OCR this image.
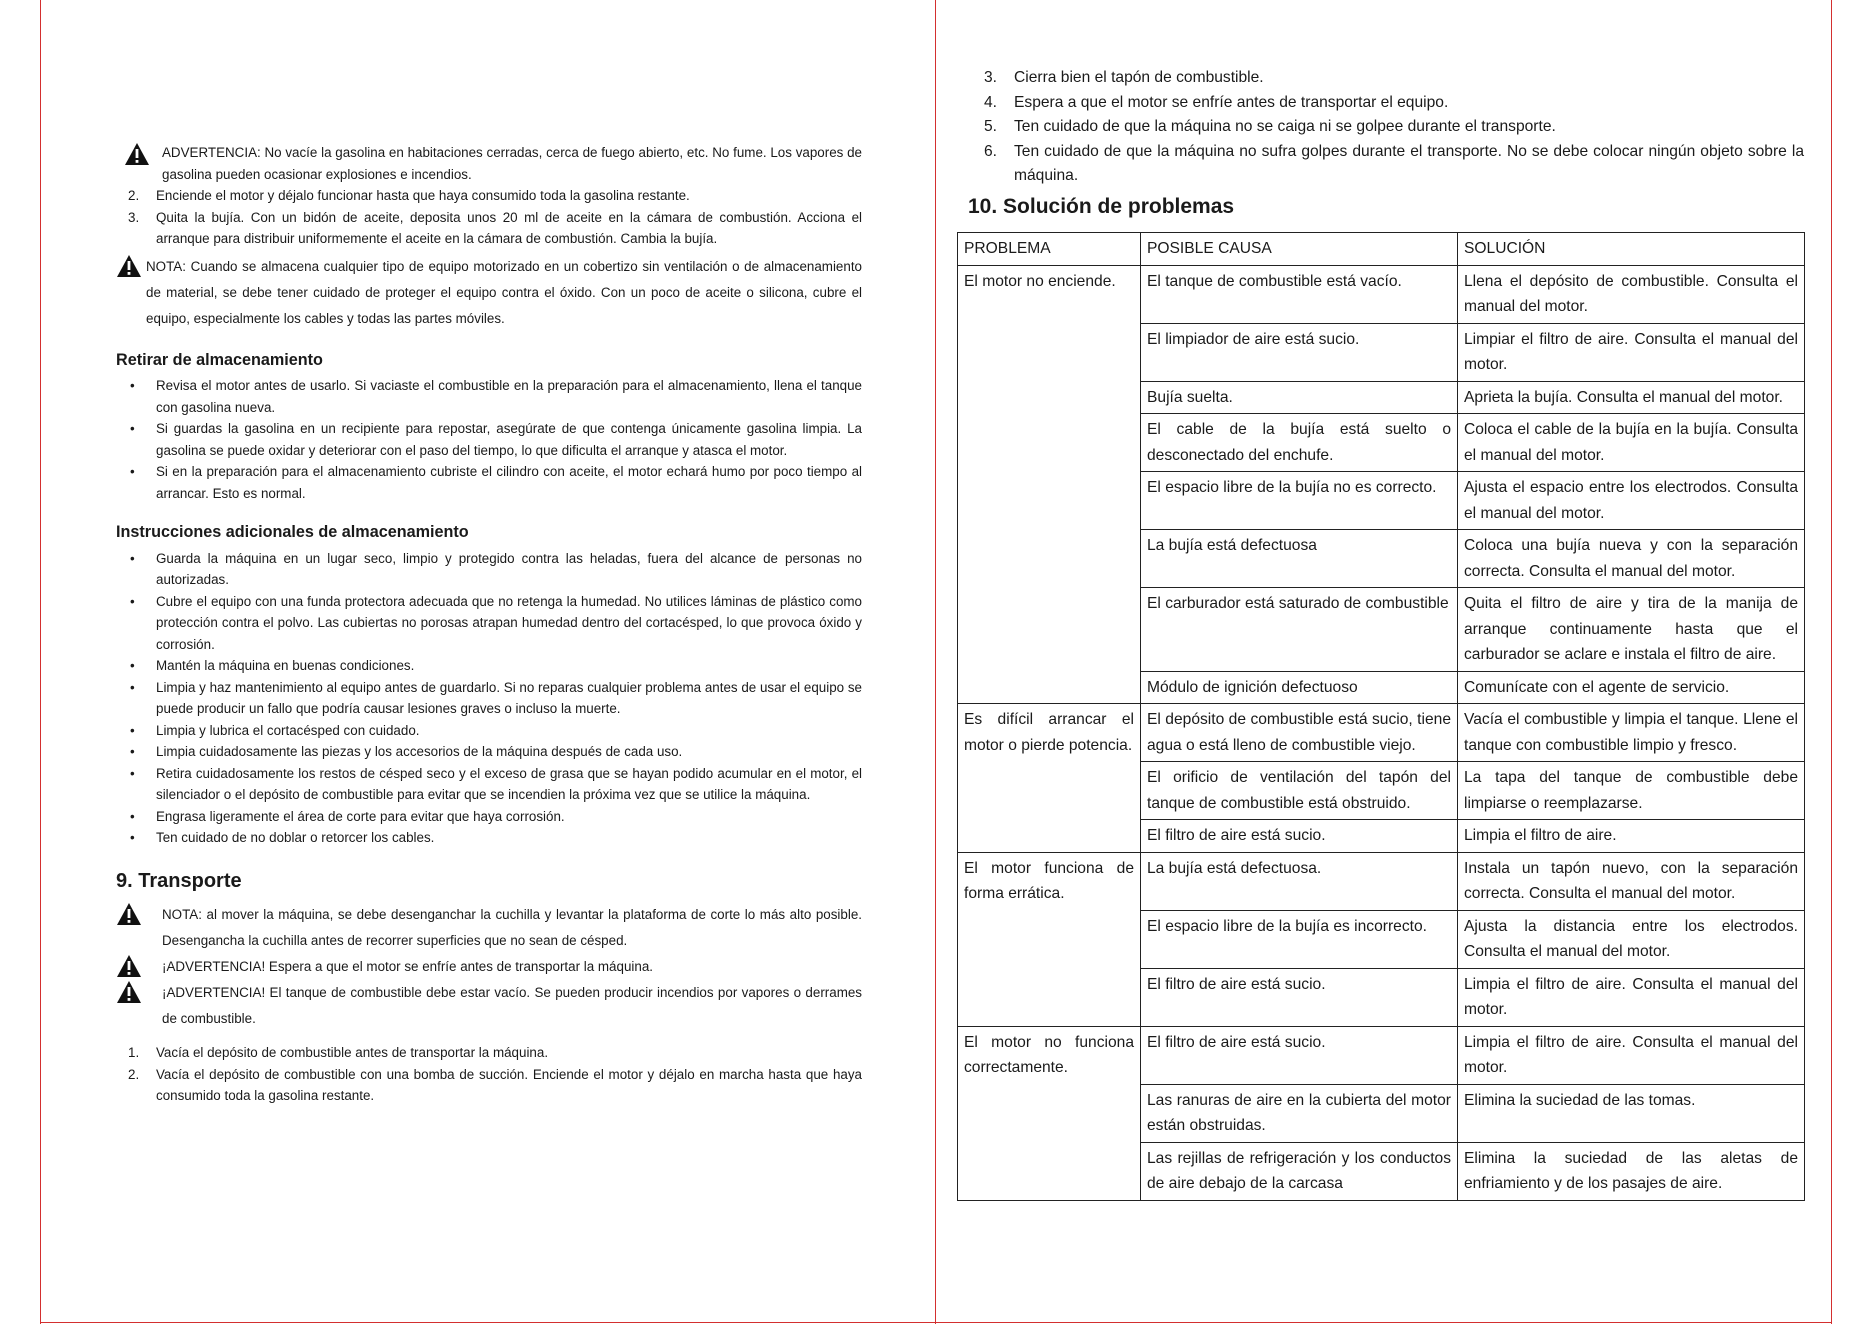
ADVERTENCIA: No vacíe la gasolina en habitaciones cerradas, cerca de fuego abierto, etc. No fume. Los vapores de gasolina pueden ocasionar explosiones e incendios.
2. Enciende el motor y déjalo funcionar hasta que haya consumido toda la gasolina restante.
3. Quita la bujía. Con un bidón de aceite, deposita unos 20 ml de aceite en la cámara de combustión. Acciona el arranque para distribuir uniformemente el aceite en la cámara de combustión. Cambia la bujía.
NOTA: Cuando se almacena cualquier tipo de equipo motorizado en un cobertizo sin ventilación o de almacenamiento de material, se debe tener cuidado de proteger el equipo contra el óxido. Con un poco de aceite o silicona, cubre el equipo, especialmente los cables y todas las partes móviles.
Retirar de almacenamiento
• Revisa el motor antes de usarlo. Si vaciaste el combustible en la preparación para el almacenamiento, llena el tanque con gasolina nueva.
• Si guardas la gasolina en un recipiente para repostar, asegúrate de que contenga únicamente gasolina limpia. La gasolina se puede oxidar y deteriorar con el paso del tiempo, lo que dificulta el arranque y atasca el motor.
• Si en la preparación para el almacenamiento cubriste el cilindro con aceite, el motor echará humo por poco tiempo al arrancar. Esto es normal.
Instrucciones adicionales de almacenamiento
• Guarda la máquina en un lugar seco, limpio y protegido contra las heladas, fuera del alcance de personas no autorizadas.
• Cubre el equipo con una funda protectora adecuada que no retenga la humedad. No utilices láminas de plástico como protección contra el polvo. Las cubiertas no porosas atrapan humedad dentro del cortacésped, lo que provoca óxido y corrosión.
• Mantén la máquina en buenas condiciones.
• Limpia y haz mantenimiento al equipo antes de guardarlo. Si no reparas cualquier problema antes de usar el equipo se puede producir un fallo que podría causar lesiones graves o incluso la muerte.
• Limpia y lubrica el cortacésped con cuidado.
• Limpia cuidadosamente las piezas y los accesorios de la máquina después de cada uso.
• Retira cuidadosamente los restos de césped seco y el exceso de grasa que se hayan podido acumular en el motor, el silenciador o el depósito de combustible para evitar que se incendien la próxima vez que se utilice la máquina.
• Engrasa ligeramente el área de corte para evitar que haya corrosión.
• Ten cuidado de no doblar o retorcer los cables.
9. Transporte
NOTA: al mover la máquina, se debe desenganchar la cuchilla y levantar la plataforma de corte lo más alto posible. Desengancha la cuchilla antes de recorrer superficies que no sean de césped.
¡ADVERTENCIA! Espera a que el motor se enfríe antes de transportar la máquina.
¡ADVERTENCIA! El tanque de combustible debe estar vacío. Se pueden producir incendios por vapores o derrames de combustible.
1. Vacía el depósito de combustible antes de transportar la máquina.
2. Vacía el depósito de combustible con una bomba de succión. Enciende el motor y déjalo en marcha hasta que haya consumido toda la gasolina restante.
3. Cierra bien el tapón de combustible.
4. Espera a que el motor se enfríe antes de transportar el equipo.
5. Ten cuidado de que la máquina no se caiga ni se golpee durante el transporte.
6. Ten cuidado de que la máquina no sufra golpes durante el transporte. No se debe colocar ningún objeto sobre la máquina.
10. Solución de problemas
PROBLEMA	POSIBLE CAUSA	SOLUCIÓN
El motor no enciende.	El tanque de combustible está vacío.	Llena el depósito de combustible. Consulta el manual del motor.
	El limpiador de aire está sucio.	Limpiar el filtro de aire. Consulta el manual del motor.
	Bujía suelta.	Aprieta la bujía. Consulta el manual del motor.
	El cable de la bujía está suelto o desconectado del enchufe.	Coloca el cable de la bujía en la bujía. Consulta el manual del motor.
	El espacio libre de la bujía no es correcto.	Ajusta el espacio entre los electrodos. Consulta el manual del motor.
	La bujía está defectuosa	Coloca una bujía nueva y con la separación correcta. Consulta el manual del motor.
	El carburador está saturado de combustible	Quita el filtro de aire y tira de la manija de arranque continuamente hasta que el carburador se aclare e instala el filtro de aire.
	Módulo de ignición defectuoso	Comunícate con el agente de servicio.
Es difícil arrancar el motor o pierde potencia.	El depósito de combustible está sucio, tiene agua o está lleno de combustible viejo.	Vacía el combustible y limpia el tanque. Llene el tanque con combustible limpio y fresco.
	El orificio de ventilación del tapón del tanque de combustible está obstruido.	La tapa del tanque de combustible debe limpiarse o reemplazarse.
	El filtro de aire está sucio.	Limpia el filtro de aire.
El motor funciona de forma errática.	La bujía está defectuosa.	Instala un tapón nuevo, con la separación correcta. Consulta el manual del motor.
	El espacio libre de la bujía es incorrecto.	Ajusta la distancia entre los electrodos. Consulta el manual del motor.
	El filtro de aire está sucio.	Limpia el filtro de aire. Consulta el manual del motor.
El motor no funciona correctamente.	El filtro de aire está sucio.	Limpia el filtro de aire. Consulta el manual del motor.
	Las ranuras de aire en la cubierta del motor están obstruidas.	Elimina la suciedad de las tomas.
	Las rejillas de refrigeración y los conductos de aire debajo de la carcasa	Elimina la suciedad de las aletas de enfriamiento y de los pasajes de aire.
